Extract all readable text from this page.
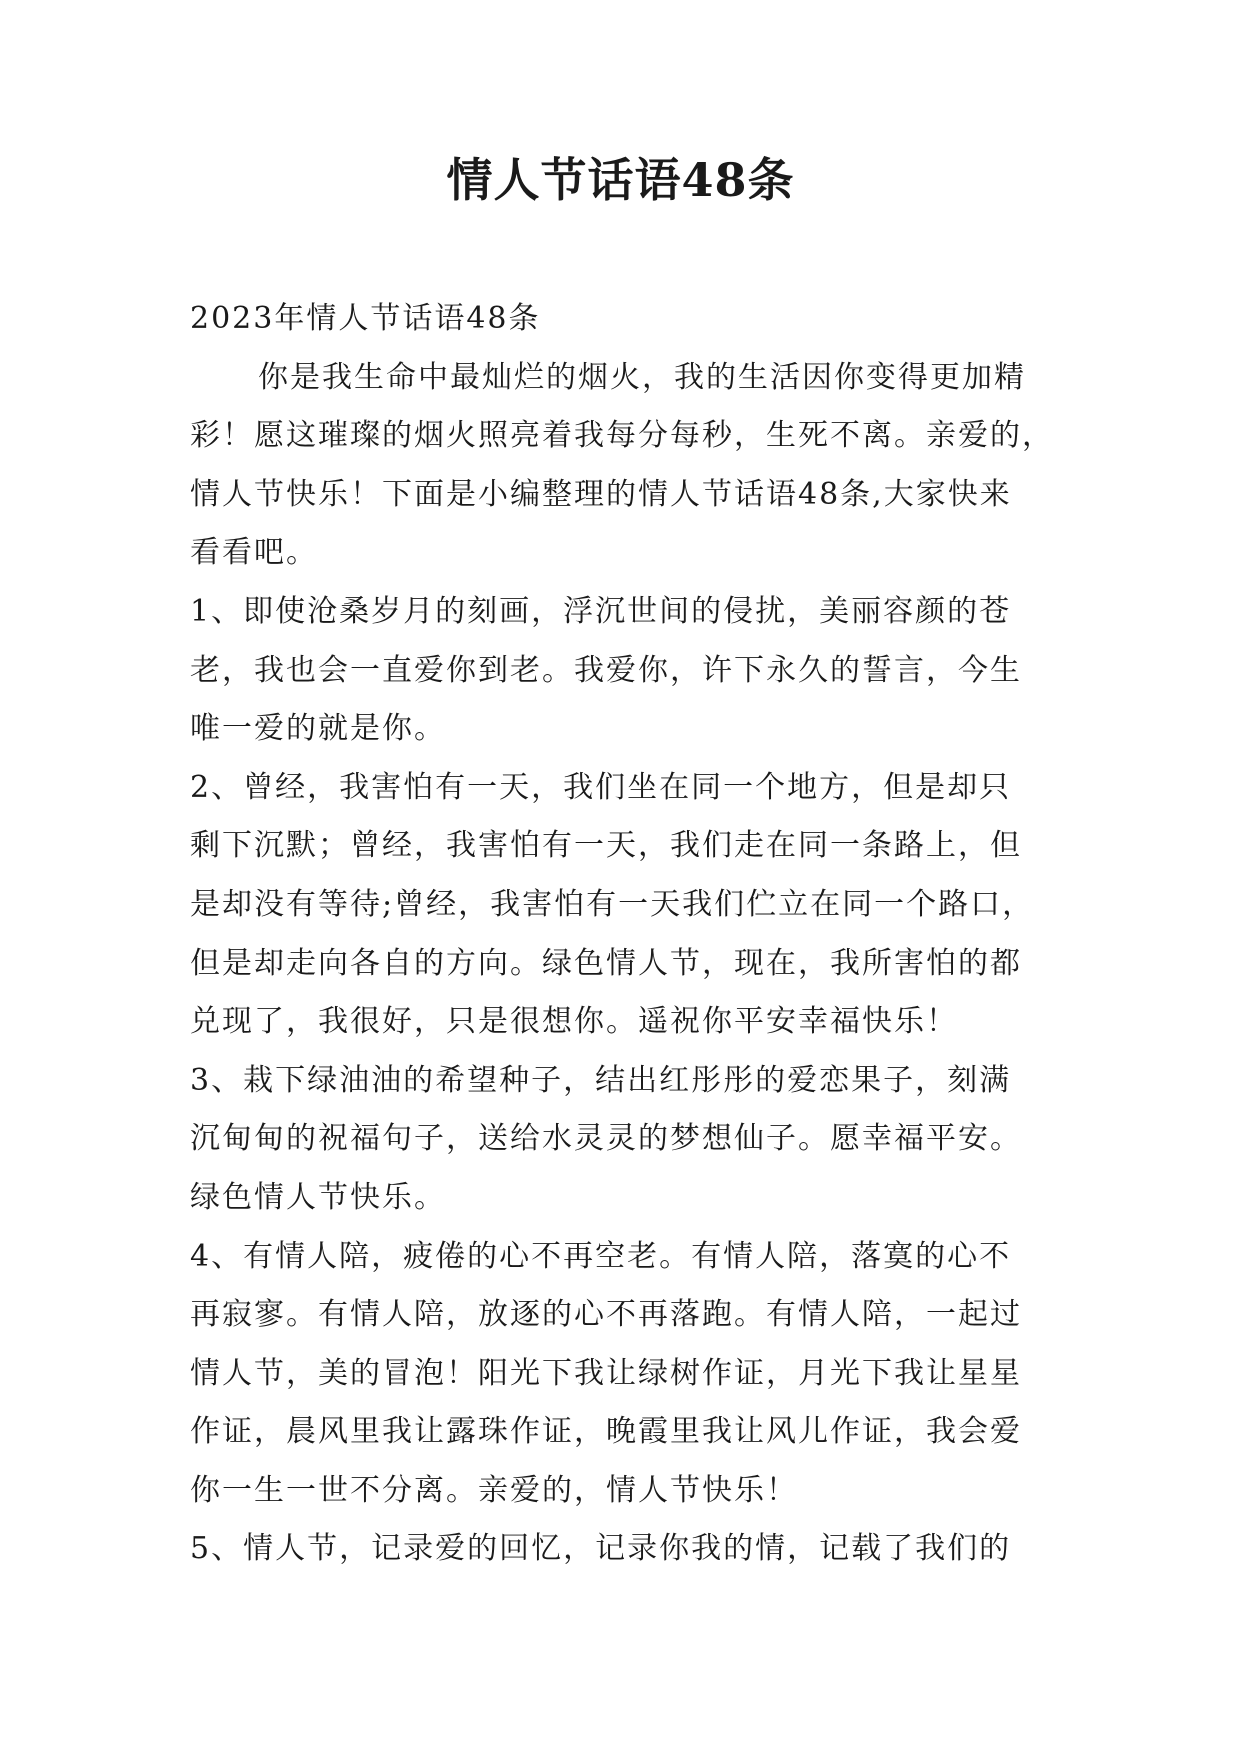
情人节话语48条
2023年情人节话语48条
你是我生命中最灿烂的烟火，我的生活因你变得更加精
彩！愿这璀璨的烟火照亮着我每分每秒，生死不离。亲爱的，
情人节快乐！下面是小编整理的情人节话语48条,大家快来
看看吧。
1、即使沧桑岁月的刻画，浮沉世间的侵扰，美丽容颜的苍
老，我也会一直爱你到老。我爱你，许下永久的誓言，今生
唯一爱的就是你。
2、曾经，我害怕有一天，我们坐在同一个地方，但是却只
剩下沉默；曾经，我害怕有一天，我们走在同一条路上，但
是却没有等待;曾经，我害怕有一天我们伫立在同一个路口，
但是却走向各自的方向。绿色情人节，现在，我所害怕的都
兑现了，我很好，只是很想你。遥祝你平安幸福快乐！
3、栽下绿油油的希望种子，结出红彤彤的爱恋果子，刻满
沉甸甸的祝福句子，送给水灵灵的梦想仙子。愿幸福平安。
绿色情人节快乐。
4、有情人陪，疲倦的心不再空老。有情人陪，落寞的心不
再寂寥。有情人陪，放逐的心不再落跑。有情人陪，一起过
情人节，美的冒泡！阳光下我让绿树作证，月光下我让星星
作证，晨风里我让露珠作证，晚霞里我让风儿作证，我会爱
你一生一世不分离。亲爱的，情人节快乐！
5、情人节，记录爱的回忆，记录你我的情，记载了我们的
